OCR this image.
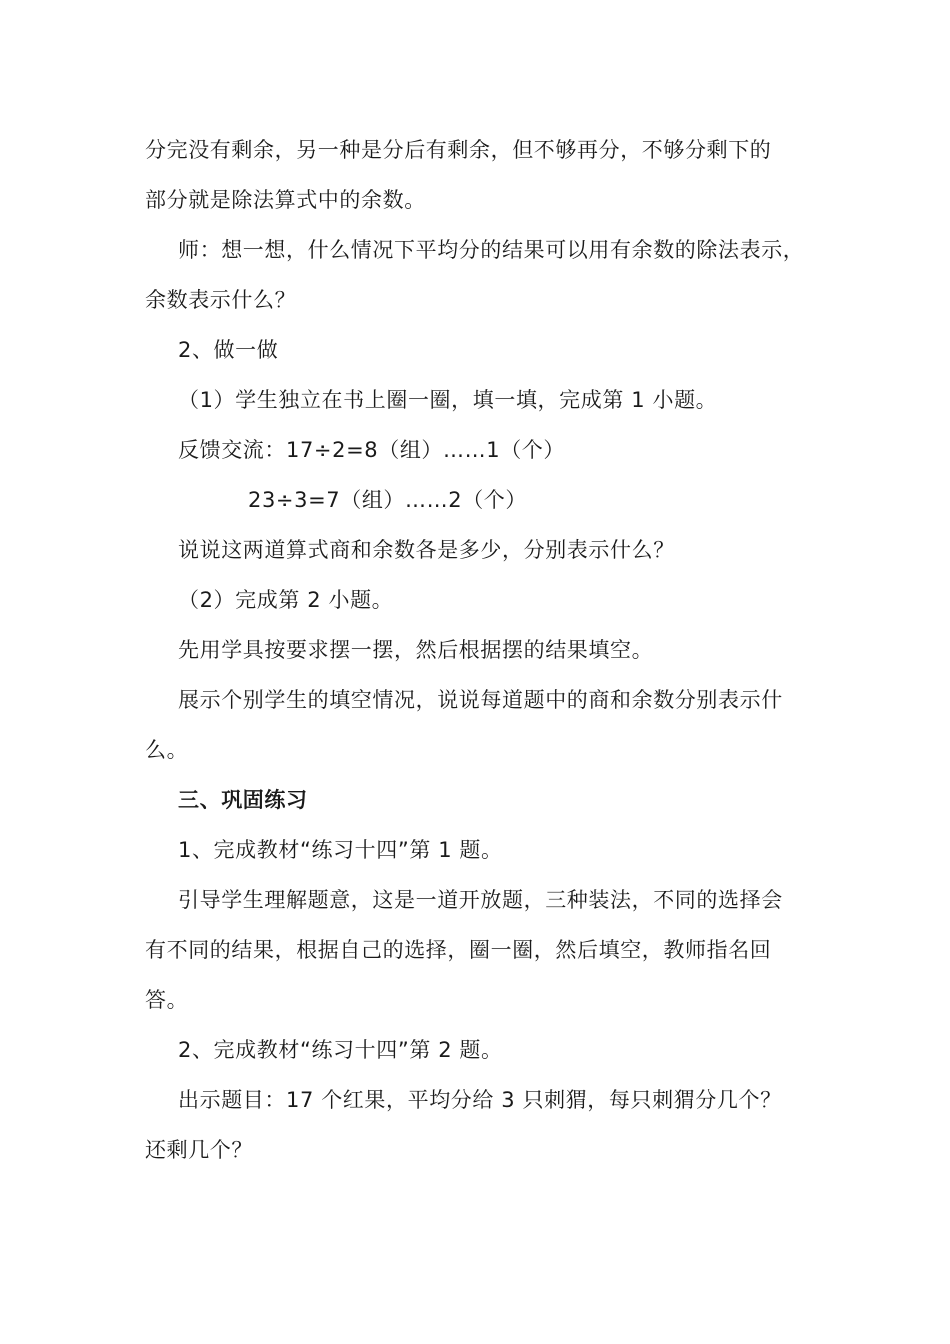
分完没有剩余，另一种是分后有剩余，但不够再分，不够分剩下的

部分就是除法算式中的余数。

师：想一想，什么情况下平均分的结果可以用有余数的除法表示，

余数表示什么？

2、做一做

（1）学生独立在书上圈一圈，填一填，完成第 1 小题。

反馈交流：17÷2=8（组）……1（个）

23÷3=7（组）……2（个）

说说这两道算式商和余数各是多少，分别表示什么？

（2）完成第 2 小题。

先用学具按要求摆一摆，然后根据摆的结果填空。

展示个别学生的填空情况，说说每道题中的商和余数分别表示什

么。

三、巩固练习

1、完成教材“练习十四”第 1 题。

引导学生理解题意，这是一道开放题，三种装法，不同的选择会

有不同的结果，根据自己的选择，圈一圈，然后填空，教师指名回

答。

2、完成教材“练习十四”第 2 题。

出示题目：17 个红果，平均分给 3 只刺猬，每只刺猬分几个？

还剩几个？
